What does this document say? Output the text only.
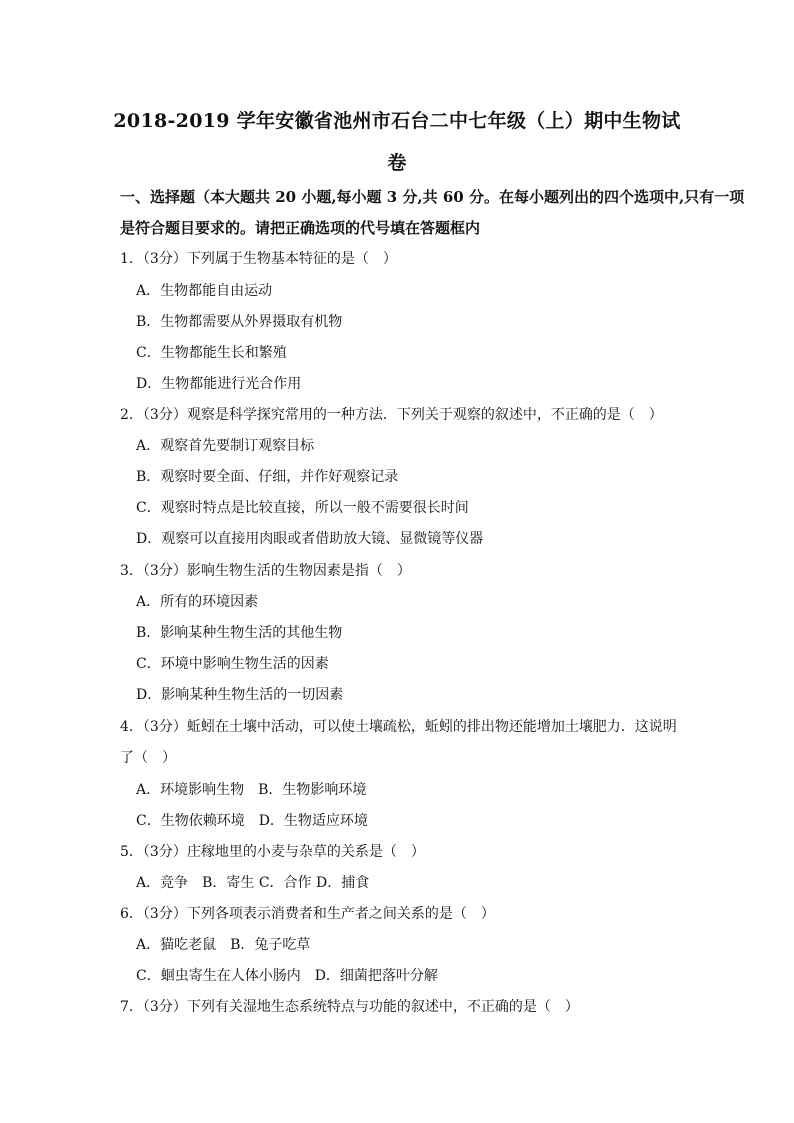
2018-2019 学年安徽省池州市石台二中七年级（上）期中生物试
卷
一、选择题（本大题共 20 小题,每小题 3 分,共 60 分。在每小题列出的四个选项中,只有一项
是符合题目要求的。请把正确选项的代号填在答题框内
1．（3分）下列属于生物基本特征的是（　）
A．生物都能自由运动
B．生物都需要从外界摄取有机物
C．生物都能生长和繁殖
D．生物都能进行光合作用
2．（3分）观察是科学探究常用的一种方法．下列关于观察的叙述中，不正确的是（　）
A．观察首先要制订观察目标
B．观察时要全面、仔细，并作好观察记录
C．观察时特点是比较直接，所以一般不需要很长时间
D．观察可以直接用肉眼或者借助放大镜、显微镜等仪器
3．（3分）影响生物生活的生物因素是指（　）
A．所有的环境因素
B．影响某种生物生活的其他生物
C．环境中影响生物生活的因素
D．影响某种生物生活的一切因素
4．（3分）蚯蚓在土壤中活动，可以使土壤疏松，蚯蚓的排出物还能增加土壤肥力．这说明
了（　）
A．环境影响生物　B．生物影响环境
C．生物依赖环境　D．生物适应环境
5．（3分）庄稼地里的小麦与杂草的关系是（　）
A．竞争　B．寄生 C．合作 D．捕食
6．（3分）下列各项表示消费者和生产者之间关系的是（　）
A．猫吃老鼠　B．兔子吃草
C．蛔虫寄生在人体小肠内　D．细菌把落叶分解
7．（3分）下列有关湿地生态系统特点与功能的叙述中，不正确的是（　）
